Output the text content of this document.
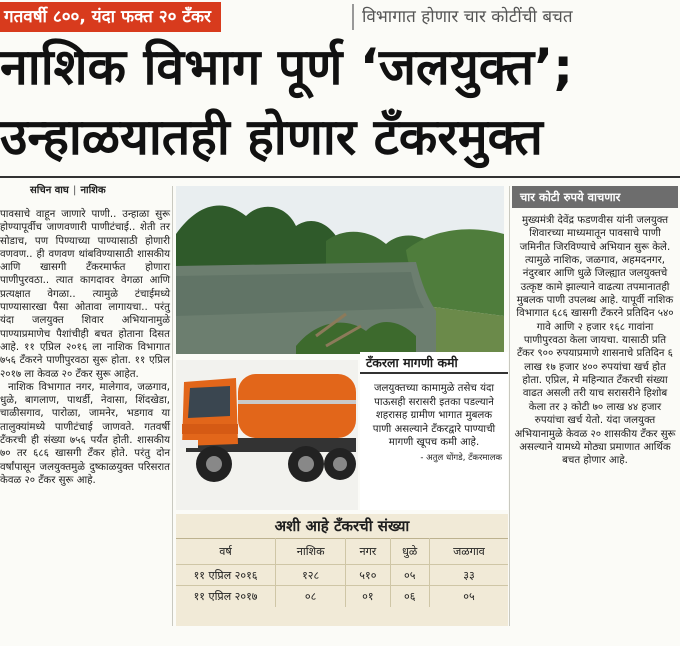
गतवर्षी ८००, यंदा फक्त २० टँकर	विभागात होणार चार कोटींची बचत
नाशिक विभाग पूर्ण ‘जलयुक्त’;
उन्हाळयातही होणार टँकरमुक्त
सचिन वाघ | नाशिक

पावसाचे वाहून जाणारे पाणी.. उन्हाळा सुरू होण्यापूर्वीच जाणवणारी पाणीटंचाई.. शेती तर सोडाच, पण पिण्याच्या पाण्यासाठी होणारी वणवण.. ही वणवण थांबविण्यासाठी शासकीय आणि खासगी टँकरमार्फत होणारा पाणीपुरवठा.. त्यात कागदावर वेगळा आणि प्रत्यक्षात वेगळा.. त्यामुळे टंचाईमध्ये पाण्यासारखा पैसा ओतावा लागायचा.. परंतु यंदा जलयुक्त शिवार अभियानामुळे पाण्याप्रमाणेच पैशांचीही बचत होताना दिसत आहे. ११ एप्रिल २०१६ ला नाशिक विभागात ७५६ टँकरने पाणीपुरवठा सुरू होता. ११ एप्रिल २०१७ ला केवळ २० टँकर सुरू आहेत.

नाशिक विभागात नगर, मालेगाव, जळगाव, धुळे, बागलाण, पाथर्डी, नेवासा, शिंदखेडा, चाळीसगाव, पारोळा, जामनेर, भडगाव या तालुक्यांमध्ये पाणीटंचाई जाणवते. गतवर्षी टँकरची ही संख्या ७५६ पर्यंत होती. शासकीय ७० तर ६८६ खासगी टँकर होते. परंतु दोन वर्षांपासून जलयुक्तमुळे दुष्काळयुक्त परिसरात केवळ २० टँकर सुरू आहे.

टँकरला मागणी कमी
जलयुक्तच्या कामामुळे तसेच यंदा पाऊसही सरासरी इतका पडल्याने शहरासह ग्रामीण भागात मुबलक पाणी असल्याने टँकरद्वारे पाण्याची मागणी खूपच कमी आहे.
- अतुल धोंगडे, टँकरमालक
अशी आहे टँकरची संख्या
वर्ष	नाशिक	नगर	धुळे	जळगाव
११ एप्रिल २०१६	१२८	५१०	०५	३३
११ एप्रिल २०१७	०८	०१	०६	०५
चार कोटी रुपये वाचणार
मुख्यमंत्री देवेंद्र फडणवीस यांनी जलयुक्त शिवारच्या माध्यमातून पावसाचे पाणी जमिनीत जिरविण्याचे अभियान सुरू केले. त्यामुळे नाशिक, जळगाव, अहमदनगर, नंदुरबार आणि धुळे जिल्ह्यात जलयुक्तचे उत्कृष्ट कामे झाल्याने वाढत्या तपमानातही मुबलक पाणी उपलब्ध आहे. यापूर्वी नाशिक विभागात ६८६ खासगी टँकरने प्रतिदिन ५४० गावे आणि २ हजार १६८ गावांना पाणीपुरवठा केला जायचा. यासाठी प्रति टँकर ९०० रुपयाप्रमाणे शासनाचे प्रतिदिन ६ लाख १७ हजार ४०० रुपयांचा खर्च होत होता. एप्रिल, मे महिन्यात टँकरची संख्या वाढत असली तरी याच सरासरीने हिशोब केला तर ३ कोटी ७० लाख ४४ हजार रुपयांचा खर्च येतो. यंदा जलयुक्त अभियानामुळे केवळ २० शासकीय टँकर सुरू असल्याने यामध्ये मोठ्या प्रमाणात आर्थिक बचत होणार आहे.
